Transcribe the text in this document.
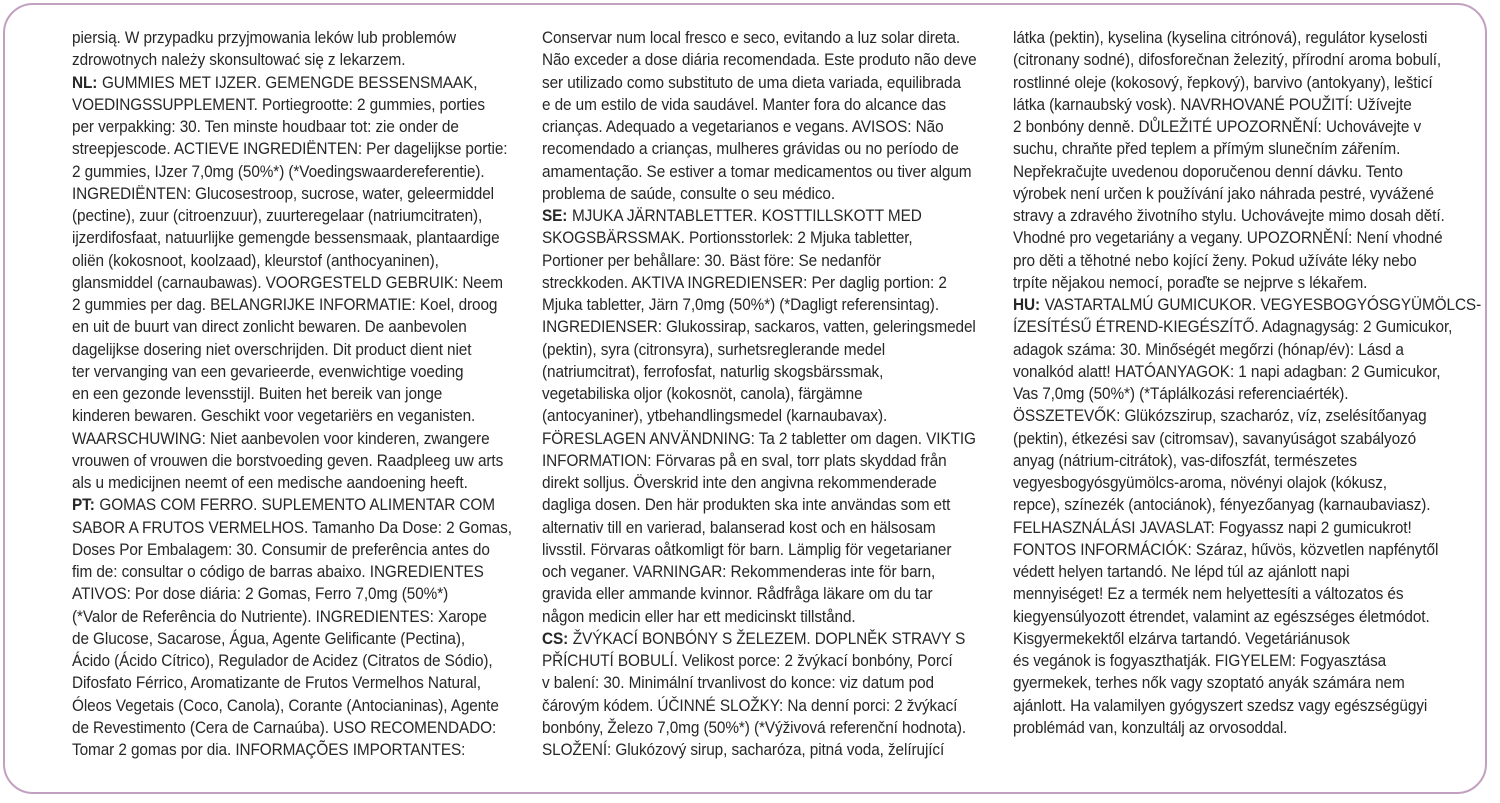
piersią. W przypadku przyjmowania leków lub problemów
zdrowotnych należy skonsultować się z lekarzem.
NL: GUMMIES MET IJZER. GEMENGDE BESSENSMAAK,
VOEDINGSSUPPLEMENT. Portiegrootte: 2 gummies, porties
per verpakking: 30. Ten minste houdbaar tot: zie onder de
streepjescode. ACTIEVE INGREDIËNTEN: Per dagelijkse portie:
2 gummies, IJzer 7,0mg (50%*) (*Voedingswaardereferentie).
INGREDIËNTEN: Glucosestroop, sucrose, water, geleermiddel
(pectine), zuur (citroenzuur), zuurteregelaar (natriumcitraten),
ijzerdifosfaat, natuurlijke gemengde bessensmaak, plantaardige
oliën (kokosnoot, koolzaad), kleurstof (anthocyaninen),
glansmiddel (carnaubawas). VOORGESTELD GEBRUIK: Neem
2 gummies per dag. BELANGRIJKE INFORMATIE: Koel, droog
en uit de buurt van direct zonlicht bewaren. De aanbevolen
dagelijkse dosering niet overschrijden. Dit product dient niet
ter vervanging van een gevarieerde, evenwichtige voeding
en een gezonde levensstijl. Buiten het bereik van jonge
kinderen bewaren. Geschikt voor vegetariërs en veganisten.
WAARSCHUWING: Niet aanbevolen voor kinderen, zwangere
vrouwen of vrouwen die borstvoeding geven. Raadpleeg uw arts
als u medicijnen neemt of een medische aandoening heeft.
PT: GOMAS COM FERRO. SUPLEMENTO ALIMENTAR COM
SABOR A FRUTOS VERMELHOS. Tamanho Da Dose: 2 Gomas,
Doses Por Embalagem: 30. Consumir de preferência antes do
fim de: consultar o código de barras abaixo. INGREDIENTES
ATIVOS: Por dose diária: 2 Gomas, Ferro 7,0mg (50%*)
(*Valor de Referência do Nutriente). INGREDIENTES: Xarope
de Glucose, Sacarose, Água, Agente Gelificante (Pectina),
Ácido (Ácido Cítrico), Regulador de Acidez (Citratos de Sódio),
Difosfato Férrico, Aromatizante de Frutos Vermelhos Natural,
Óleos Vegetais (Coco, Canola), Corante (Antocianinas), Agente
de Revestimento (Cera de Carnaúba). USO RECOMENDADO:
Tomar 2 gomas por dia. INFORMAÇÕES IMPORTANTES:
Conservar num local fresco e seco, evitando a luz solar direta.
Não exceder a dose diária recomendada. Este produto não deve
ser utilizado como substituto de uma dieta variada, equilibrada
e de um estilo de vida saudável. Manter fora do alcance das
crianças. Adequado a vegetarianos e vegans. AVISOS: Não
recomendado a crianças, mulheres grávidas ou no período de
amamentação. Se estiver a tomar medicamentos ou tiver algum
problema de saúde, consulte o seu médico.
SE: MJUKA JÄRNTABLETTER. KOSTTILLSKOTT MED
SKOGSBÄRSSMAK. Portionsstorlek: 2 Mjuka tabletter,
Portioner per behållare: 30. Bäst före: Se nedanför
streckkoden. AKTIVA INGREDIENSER: Per daglig portion: 2
Mjuka tabletter, Järn 7,0mg (50%*) (*Dagligt referensintag).
INGREDIENSER: Glukossirap, sackaros, vatten, geleringsmedel
(pektin), syra (citronsyra), surhetsreglerande medel
(natriumcitrat), ferrofosfat, naturlig skogsbärssmak,
vegetabiliska oljor (kokosnöt, canola), färgämne
(antocyaniner), ytbehandlingsmedel (karnaubavax).
FÖRESLAGEN ANVÄNDNING: Ta 2 tabletter om dagen. VIKTIG
INFORMATION: Förvaras på en sval, torr plats skyddad från
direkt solljus. Överskrid inte den angivna rekommenderade
dagliga dosen. Den här produkten ska inte användas som ett
alternativ till en varierad, balanserad kost och en hälsosam
livsstil. Förvaras oåtkomligt för barn. Lämplig för vegetarianer
och veganer. VARNINGAR: Rekommenderas inte för barn,
gravida eller ammande kvinnor. Rådfråga läkare om du tar
någon medicin eller har ett medicinskt tillstånd.
CS: ŽVÝKACÍ BONBÓNY S ŽELEZEM. DOPLNĚK STRAVY S
PŘÍCHUTÍ BOBULÍ. Velikost porce: 2 žvýkací bonbóny, Porcí
v balení: 30. Minimální trvanlivost do konce: viz datum pod
čárovým kódem. ÚČINNÉ SLOŽKY: Na denní porci: 2 žvýkací
bonbóny, Železo 7,0mg (50%*) (*Výživová referenční hodnota).
SLOŽENÍ: Glukózový sirup, sacharóza, pitná voda, želírující
látka (pektin), kyselina (kyselina citrónová), regulátor kyselosti
(citronany sodné), difosforečnan železitý, přírodní aroma bobulí,
rostlinné oleje (kokosový, řepkový), barvivo (antokyany), lešticí
látka (karnaubský vosk). NAVRHOVANÉ POUŽITÍ: Užívejte
2 bonbóny denně. DŮLEŽITÉ UPOZORNĚNÍ: Uchovávejte v
suchu, chraňte před teplem a přímým slunečním zářením.
Nepřekračujte uvedenou doporučenou denní dávku. Tento
výrobek není určen k používání jako náhrada pestré, vyvážené
stravy a zdravého životního stylu. Uchovávejte mimo dosah dětí.
Vhodné pro vegetariány a vegany. UPOZORNĚNÍ: Není vhodné
pro děti a těhotné nebo kojící ženy. Pokud užíváte léky nebo
trpíte nějakou nemocí, poraďte se nejprve s lékařem.
HU: VASTARTALMÚ GUMICUKOR. VEGYESBOGYÓSGYÜMÖLCS-
ÍZESÍTÉSŰ ÉTREND-KIEGÉSZÍTŐ. Adagnagyság: 2 Gumicukor,
adagok száma: 30. Minőségét megőrzi (hónap/év): Lásd a
vonalkód alatt! HATÓANYAGOK: 1 napi adagban: 2 Gumicukor,
Vas 7,0mg (50%*) (*Táplálkozási referenciaérték).
ÖSSZETEVŐK: Glükózszirup, szacharóz, víz, zselésítőanyag
(pektin), étkezési sav (citromsav), savanyúságot szabályozó
anyag (nátrium-citrátok), vas-difoszfát, természetes
vegyesbogyósgyümölcs-aroma, növényi olajok (kókusz,
repce), színezék (antociánok), fényezőanyag (karnaubaviasz).
FELHASZNÁLÁSI JAVASLAT: Fogyassz napi 2 gumicukrot!
FONTOS INFORMÁCIÓK: Száraz, hűvös, közvetlen napfénytől
védett helyen tartandó. Ne lépd túl az ajánlott napi
mennyiséget! Ez a termék nem helyettesíti a változatos és
kiegyensúlyozott étrendet, valamint az egészséges életmódot.
Kisgyermekektől elzárva tartandó. Vegetáriánusok
és vegánok is fogyaszthatják. FIGYELEM: Fogyasztása
gyermekek, terhes nők vagy szoptató anyák számára nem
ajánlott. Ha valamilyen gyógyszert szedsz vagy egészségügyi
problémád van, konzultálj az orvosoddal.
